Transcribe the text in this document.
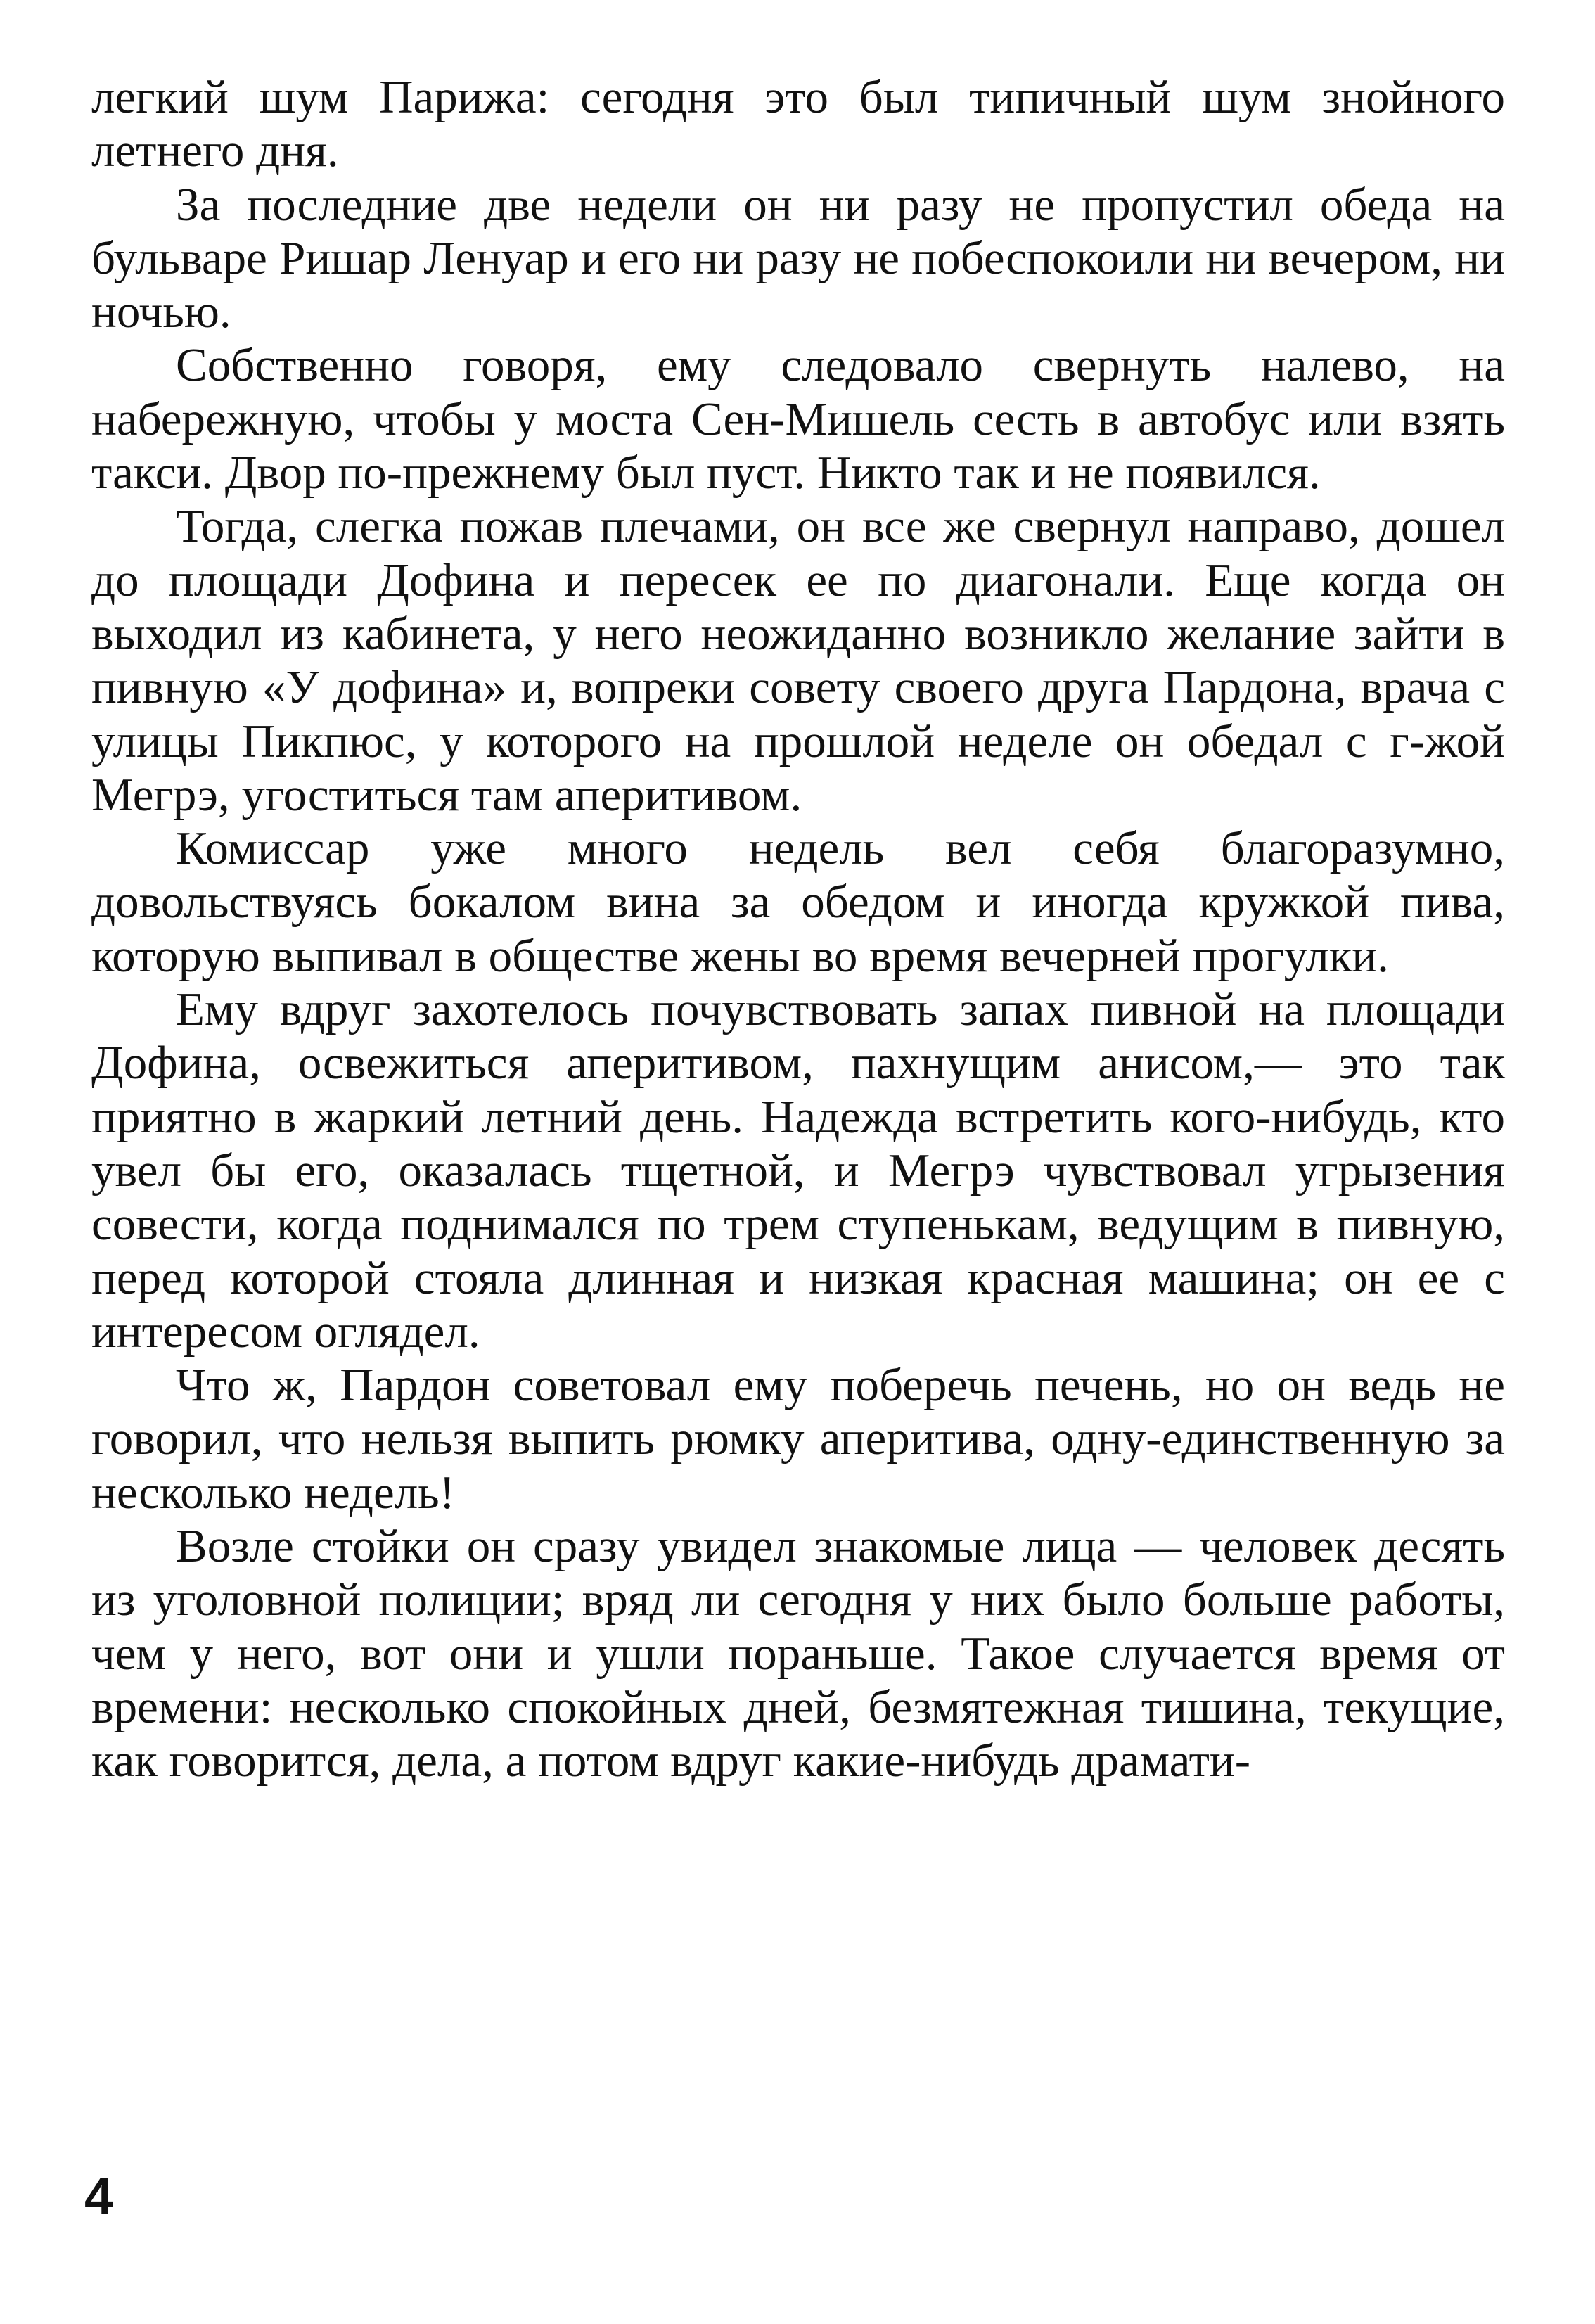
легкий шум Парижа: сегодня это был типичный шум знойного летнего дня.

За последние две недели он ни разу не пропустил обеда на бульваре Ришар Ленуар и его ни разу не побеспокоили ни вечером, ни ночью.

Собственно говоря, ему следовало свернуть налево, на набережную, чтобы у моста Сен-Мишель сесть в автобус или взять такси. Двор по-прежнему был пуст. Никто так и не появился.

Тогда, слегка пожав плечами, он все же свернул направо, дошел до площади Дофина и пересек ее по диагонали. Еще когда он выходил из кабинета, у него неожиданно возникло желание зайти в пивную «У дофина» и, вопреки совету своего друга Пардона, врача с улицы Пикпюс, у которого на прошлой неделе он обедал с г-жой Мегрэ, угоститься там аперитивом.

Комиссар уже много недель вел себя благоразумно, довольствуясь бокалом вина за обедом и иногда кружкой пива, которую выпивал в обществе жены во время вечерней прогулки.

Ему вдруг захотелось почувствовать запах пивной на площади Дофина, освежиться аперитивом, пахнущим анисом,— это так приятно в жаркий летний день. Надежда встретить кого-нибудь, кто увел бы его, оказалась тщетной, и Мегрэ чувствовал угрызения совести, когда поднимался по трем ступенькам, ведущим в пивную, перед которой стояла длинная и низкая красная машина; он ее с интересом оглядел.

Что ж, Пардон советовал ему поберечь печень, но он ведь не говорил, что нельзя выпить рюмку аперитива, одну-единственную за несколько недель!

Возле стойки он сразу увидел знакомые лица — человек десять из уголовной полиции; вряд ли сегодня у них было больше работы, чем у него, вот они и ушли пораньше. Такое случается время от времени: несколько спокойных дней, безмятежная тишина, текущие, как говорится, дела, а потом вдруг какие-нибудь драмати-

4
